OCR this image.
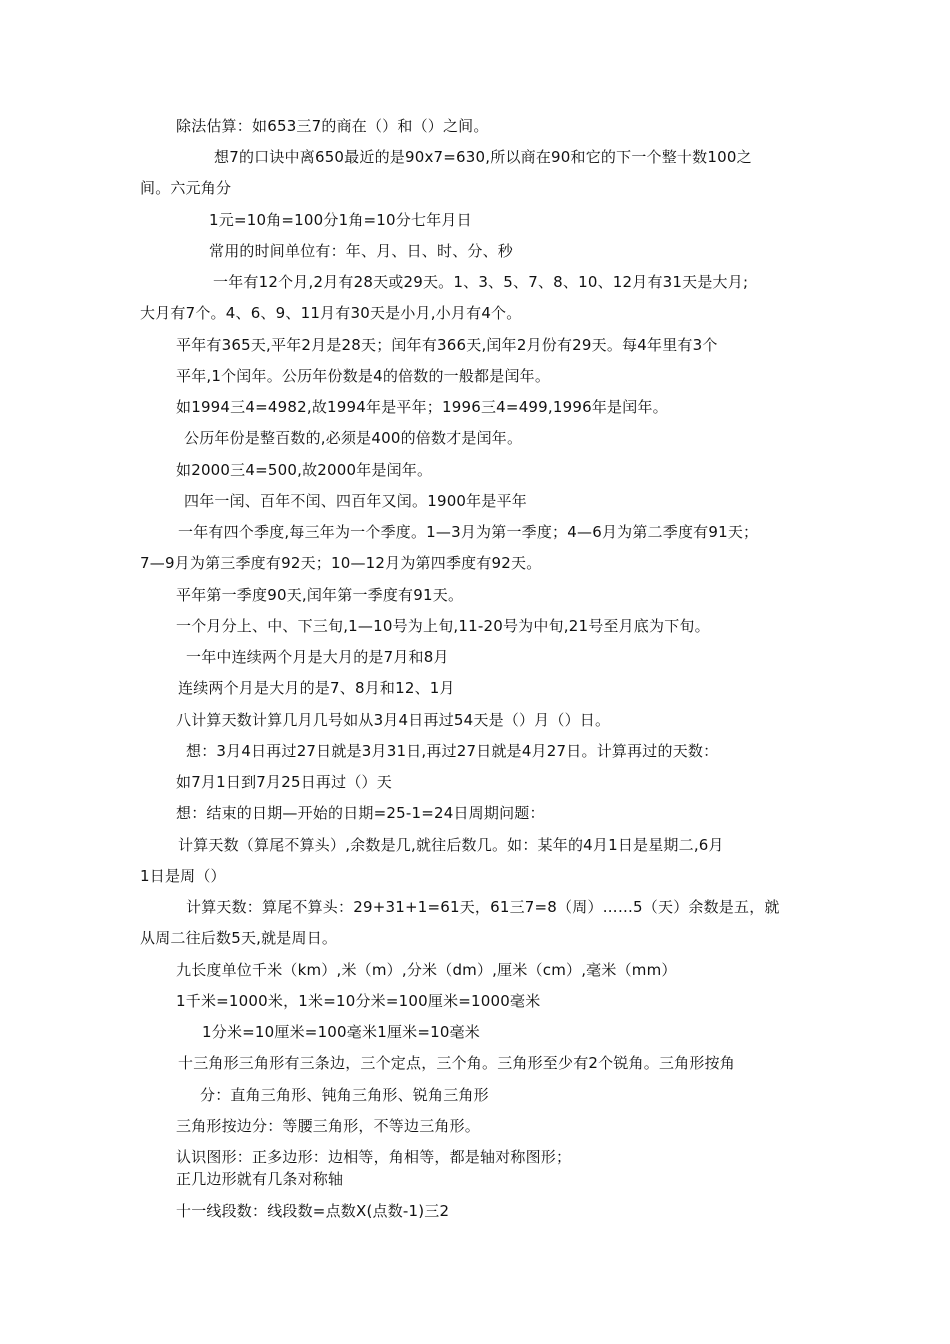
除法估算：如653三7的商在（）和（）之间。
想7的口诀中离650最近的是90x7=630,所以商在90和它的下一个整十数100之
间。六元角分
1元=10角=100分1角=10分七年月日
常用的时间单位有：年、月、日、时、分、秒
一年有12个月,2月有28天或29天。1、3、5、7、8、10、12月有31天是大月;
大月有7个。4、6、9、11月有30天是小月,小月有4个。
平年有365天,平年2月是28天；闰年有366天,闰年2月份有29天。每4年里有3个
平年,1个闰年。公历年份数是4的倍数的一般都是闰年。
如1994三4=4982,故1994年是平年；1996三4=499,1996年是闰年。
公历年份是整百数的,必须是400的倍数才是闰年。
如2000三4=500,故2000年是闰年。
四年一闰、百年不闰、四百年又闰。1900年是平年
一年有四个季度,每三年为一个季度。1—3月为第一季度；4—6月为第二季度有91天；
7—9月为第三季度有92天；10—12月为第四季度有92天。
平年第一季度90天,闰年第一季度有91天。
一个月分上、中、下三旬,1—10号为上旬,11-20号为中旬,21号至月底为下旬。
一年中连续两个月是大月的是7月和8月
连续两个月是大月的是7、8月和12、1月
八计算天数计算几月几号如从3月4日再过54天是（）月（）日。
想：3月4日再过27日就是3月31日,再过27日就是4月27日。计算再过的天数：
如7月1日到7月25日再过（）天
想：结束的日期—开始的日期=25-1=24日周期问题：
计算天数（算尾不算头）,余数是几,就往后数几。如：某年的4月1日是星期二,6月
1日是周（）
计算天数：算尾不算头：29+31+1=61天，61三7=8（周）……5（天）余数是五，就
从周二往后数5天,就是周日。
九长度单位千米（km）,米（m）,分米（dm）,厘米（cm）,毫米（mm）
1千米=1000米，1米=10分米=100厘米=1000毫米
1分米=10厘米=100毫米1厘米=10毫米
十三角形三角形有三条边，三个定点，三个角。三角形至少有2个锐角。三角形按角
分：直角三角形、钝角三角形、锐角三角形
三角形按边分：等腰三角形，不等边三角形。
认识图形：正多边形：边相等，角相等，都是轴对称图形；
正几边形就有几条对称轴
十一线段数：线段数=点数X(点数-1)三2
